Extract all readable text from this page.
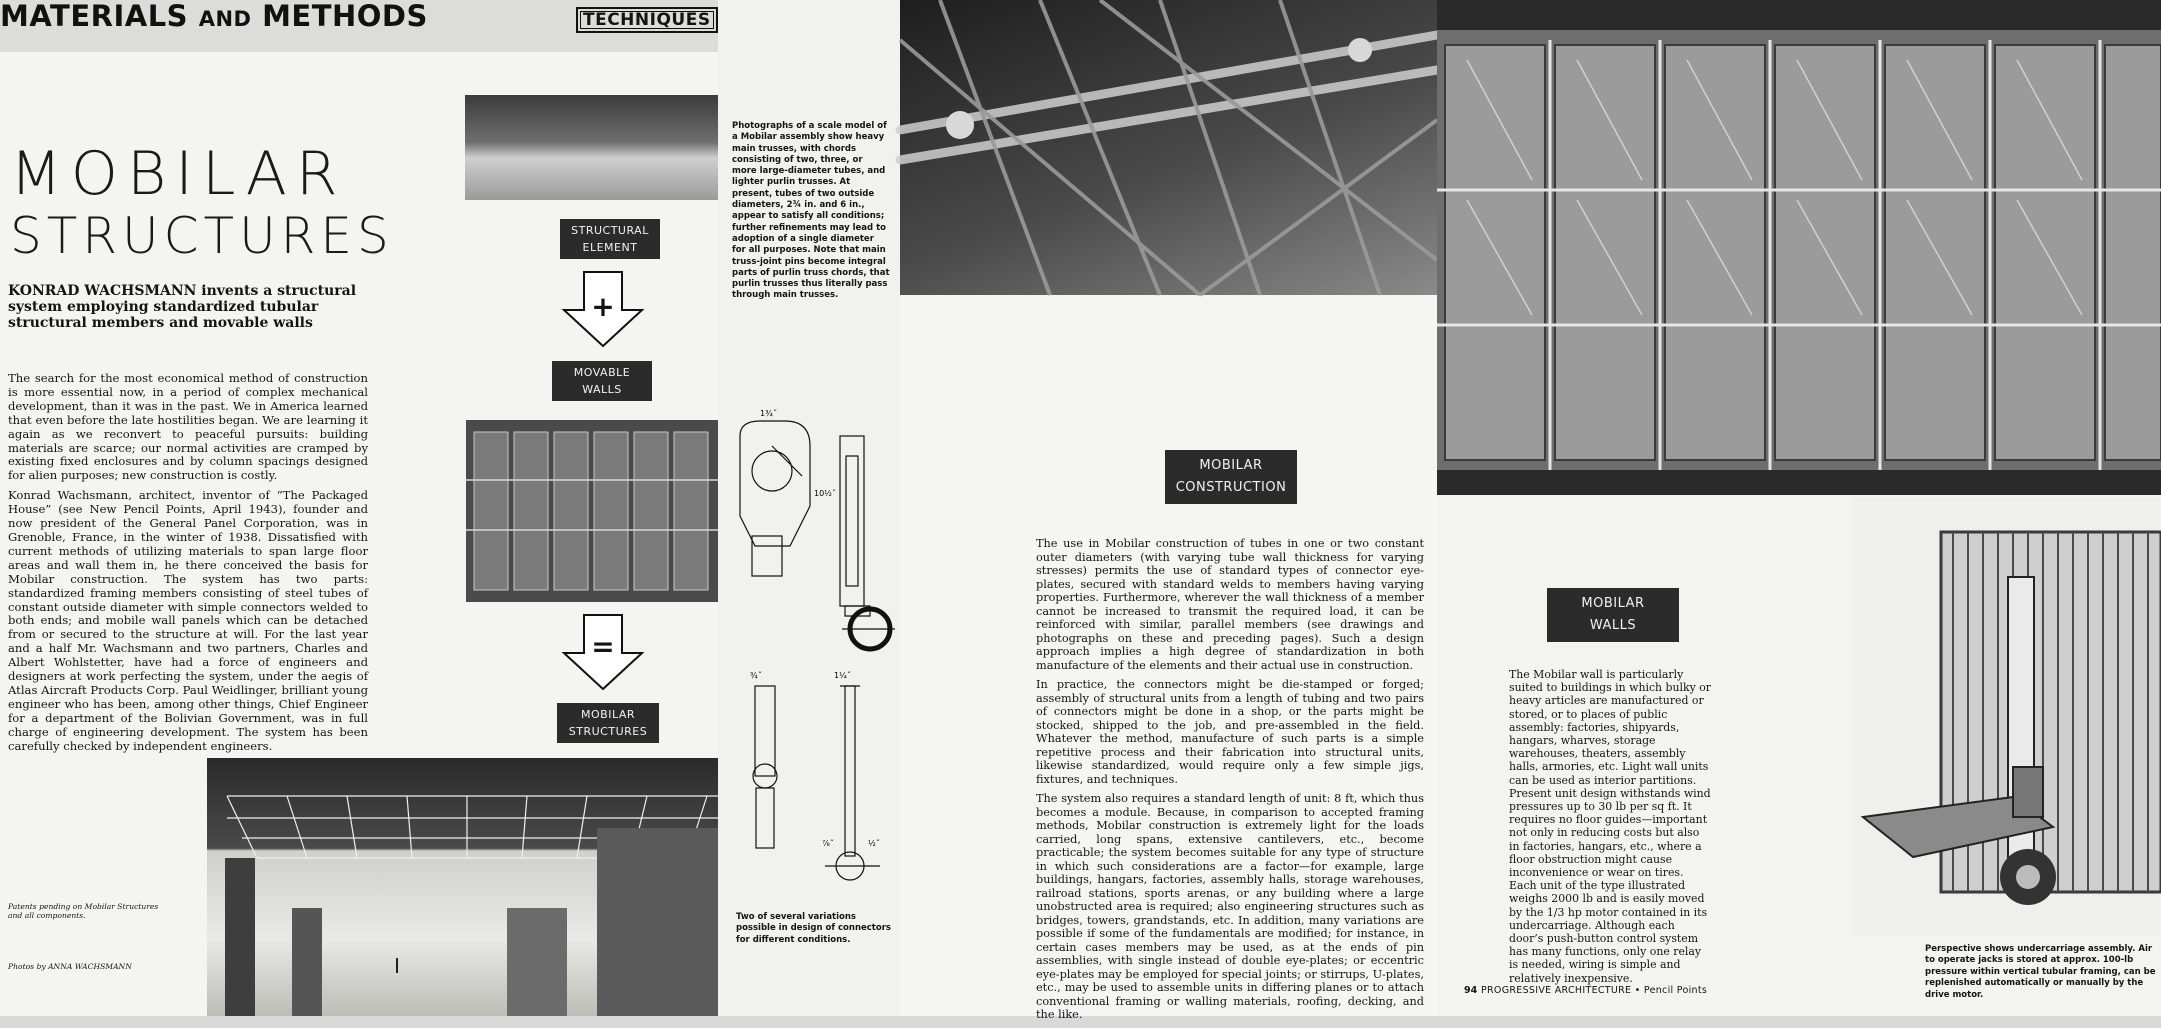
MATERIALS AND METHODS	TECHNIQUES
MOBILAR
STRUCTURES
KONRAD WACHSMANN invents a structural system employing standardized tubular structural members and movable walls

The search for the most economical method of construction is more essential now, in a period of complex mechanical development, than it was in the past. We in America learned that even before the late hostilities began. We are learning it again as we reconvert to peaceful pursuits: building materials are scarce; our normal activities are cramped by existing fixed enclosures and by column spacings designed for alien purposes; new construction is costly.

Konrad Wachsmann, architect, inventor of “The Packaged House” (see New Pencil Points, April 1943), founder and now president of the General Panel Corporation, was in Grenoble, France, in the winter of 1938. Dissatisfied with current methods of utilizing materials to span large floor areas and wall them in, he there conceived the basis for Mobilar construction. The system has two parts: standardized framing members consisting of steel tubes of constant outside diameter with simple connectors welded to both ends; and mobile wall panels which can be detached from or secured to the structure at will. For the last year and a half Mr. Wachsmann and two partners, Charles and Albert Wohlstetter, have had a force of engineers and designers at work perfecting the system, under the aegis of Atlas Aircraft Products Corp. Paul Weidlinger, brilliant young engineer who has been, among other things, Chief Engineer for a department of the Bolivian Government, was in full charge of engineering development. The system has been carefully checked by independent engineers.

STRUCTURAL
ELEMENT
+
MOVABLE
WALLS
=
MOBILAR
STRUCTURES
Patents pending on Mobilar Structures and all components.
Photos by ANNA WACHSMANN
Photographs of a scale model of a Mobilar assembly show heavy main trusses, with chords consisting of two, three, or more large-diameter tubes, and lighter purlin trusses. At present, tubes of two outside diameters, 2¾ in. and 6 in., appear to satisfy all conditions; further refinements may lead to adoption of a single diameter for all purposes. Note that main truss-joint pins become integral parts of purlin truss chords, that purlin trusses thus literally pass through main trusses.
1¾˝
10½˝
¾˝	1¼˝
⅞˝	½˝
Two of several variations possible in design of connectors for different conditions.
MOBILAR
CONSTRUCTION

The use in Mobilar construction of tubes in one or two constant outer diameters (with varying tube wall thickness for varying stresses) permits the use of standard types of connector eye-plates, secured with standard welds to members having varying properties. Furthermore, wherever the wall thickness of a member cannot be increased to transmit the required load, it can be reinforced with similar, parallel members (see drawings and photographs on these and preceding pages). Such a design approach implies a high degree of standardization in both manufacture of the elements and their actual use in construction.

In practice, the connectors might be die-stamped or forged; assembly of structural units from a length of tubing and two pairs of connectors might be done in a shop, or the parts might be stocked, shipped to the job, and pre-assembled in the field. Whatever the method, manufacture of such parts is a simple repetitive process and their fabrication into structural units, likewise standardized, would require only a few simple jigs, fixtures, and techniques.

The system also requires a standard length of unit: 8 ft, which thus becomes a module. Because, in comparison to accepted framing methods, Mobilar construction is extremely light for the loads carried, long spans, extensive cantilevers, etc., become practicable; the system becomes suitable for any type of structure in which such considerations are a factor—for example, large buildings, hangars, factories, assembly halls, storage warehouses, railroad stations, sports arenas, or any building where a large unobstructed area is required; also engineering structures such as bridges, towers, grandstands, etc. In addition, many variations are possible if some of the fundamentals are modified; for instance, in certain cases members may be used, as at the ends of pin assemblies, with single instead of double eye-plates; or eccentric eye-plates may be employed for special joints; or stirrups, U-plates, etc., may be used to assemble units in differing planes or to attach conventional framing or walling materials, roofing, decking, and the like.

MOBILAR
WALLS
The Mobilar wall is particularly suited to buildings in which bulky or heavy articles are manufactured or stored, or to places of public assembly: factories, shipyards, hangars, wharves, storage warehouses, theaters, assembly halls, armories, etc. Light wall units can be used as interior partitions. Present unit design withstands wind pressures up to 30 lb per sq ft. It requires no floor guides—important not only in reducing costs but also in factories, hangars, etc., where a floor obstruction might cause inconvenience or wear on tires. Each unit of the type illustrated weighs 2000 lb and is easily moved by the 1/3 hp motor contained in its undercarriage. Although each door’s push-button control system has many functions, only one relay is needed, wiring is simple and relatively inexpensive.
Perspective shows undercarriage assembly. Air to operate jacks is stored at approx. 100-lb pressure within vertical tubular framing, can be replenished automatically or manually by the drive motor.
94 PROGRESSIVE ARCHITECTURE • Pencil Points
